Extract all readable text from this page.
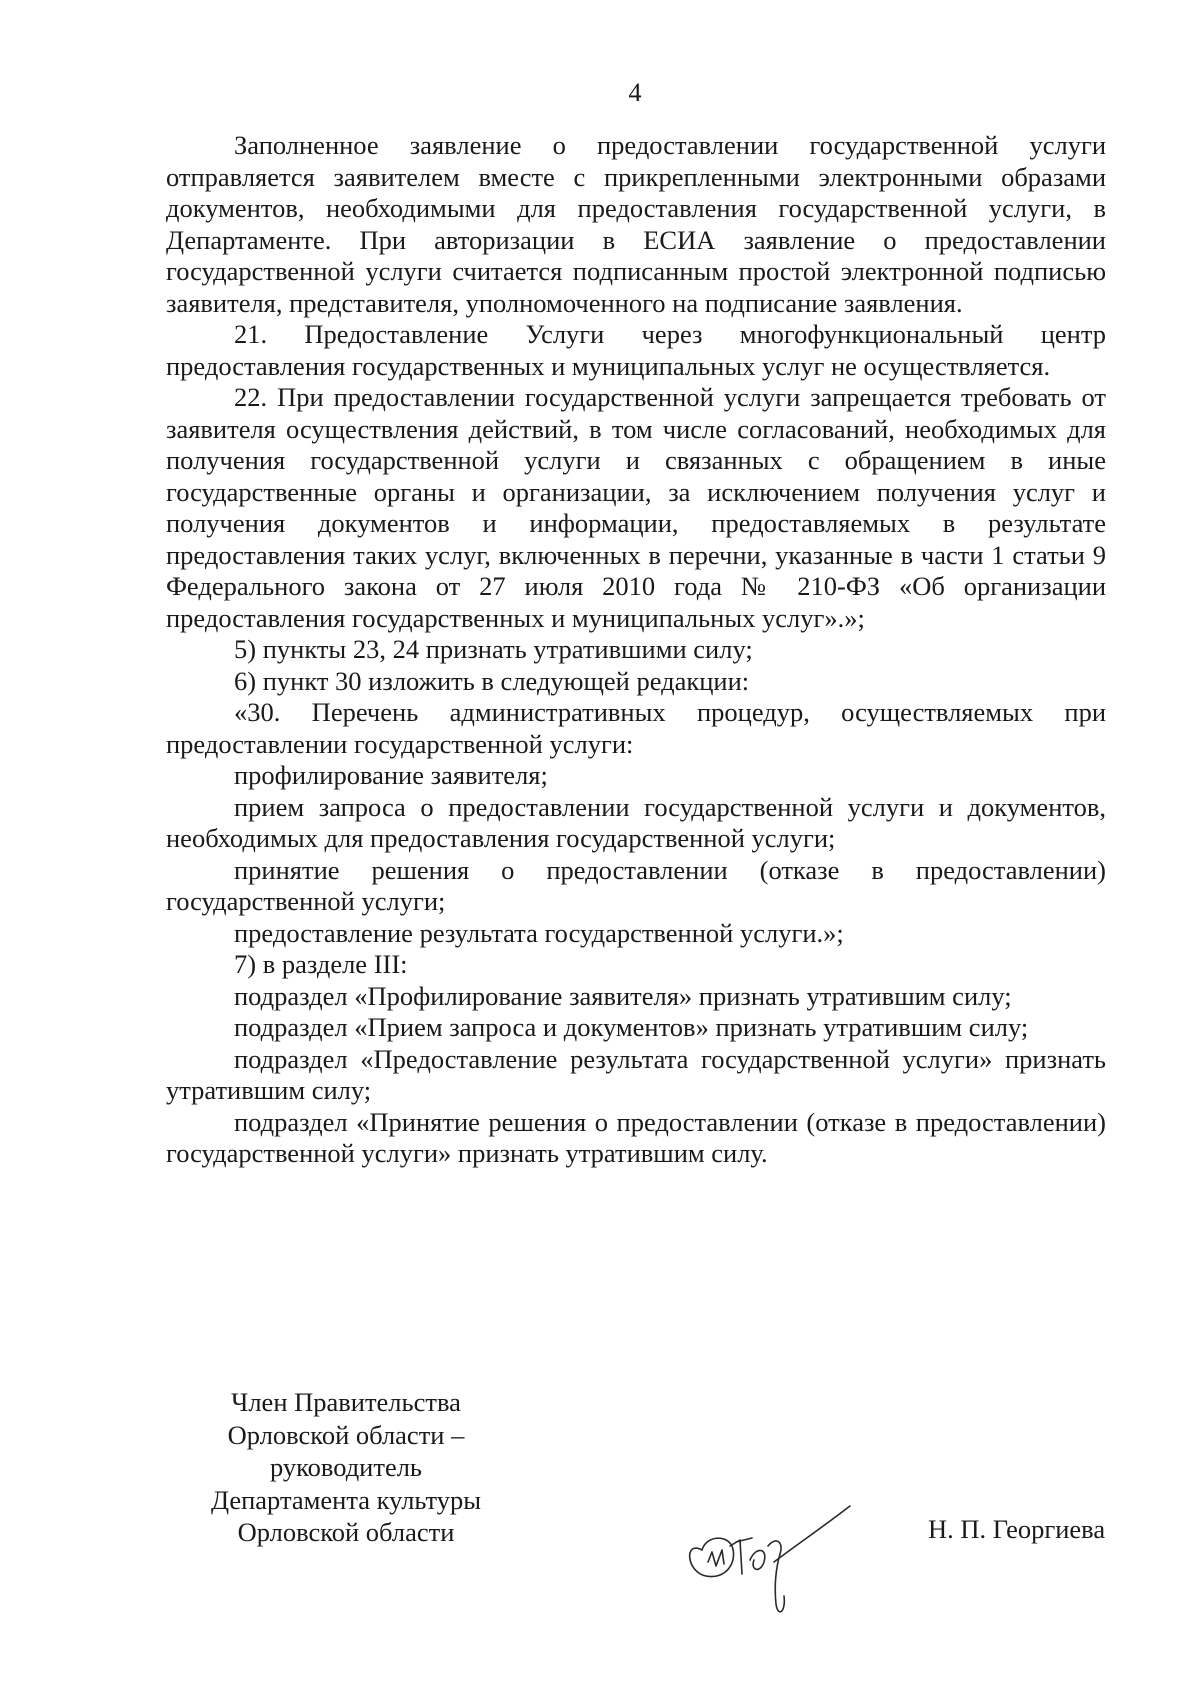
4

Заполненное заявление о предоставлении государственной услуги отправляется заявителем вместе с прикрепленными электронными образами документов, необходимыми для предоставления государственной услуги, в Департаменте. При авторизации в ЕСИА заявление о предоставлении государственной услуги считается подписанным простой электронной подписью заявителя, представителя, уполномоченного на подписание заявления.

21. Предоставление Услуги через многофункциональный центр предоставления государственных и муниципальных услуг не осуществляется.

22. При предоставлении государственной услуги запрещается требовать от заявителя осуществления действий, в том числе согласований, необходимых для получения государственной услуги и связанных с обращением в иные государственные органы и организации, за исключением получения услуг и получения документов и информации, предоставляемых в результате предоставления таких услуг, включенных в перечни, указанные в части 1 статьи 9 Федерального закона от 27 июля 2010 года № 210-ФЗ «Об организации предоставления государственных и муниципальных услуг».»;

5) пункты 23, 24 признать утратившими силу;

6) пункт 30 изложить в следующей редакции:

«30. Перечень административных процедур, осуществляемых при предоставлении государственной услуги:

профилирование заявителя;

прием запроса о предоставлении государственной услуги и документов, необходимых для предоставления государственной услуги;

принятие решения о предоставлении (отказе в предоставлении) государственной услуги;

предоставление результата государственной услуги.»;

7) в разделе III:

подраздел «Профилирование заявителя» признать утратившим силу;

подраздел «Прием запроса и документов» признать утратившим силу;

подраздел «Предоставление результата государственной услуги» признать утратившим силу;

подраздел «Принятие решения о предоставлении (отказе в предоставлении) государственной услуги» признать утратившим силу.

Член Правительства
Орловской области –
руководитель
Департамента культуры
Орловской области	Н. П. Георгиева
